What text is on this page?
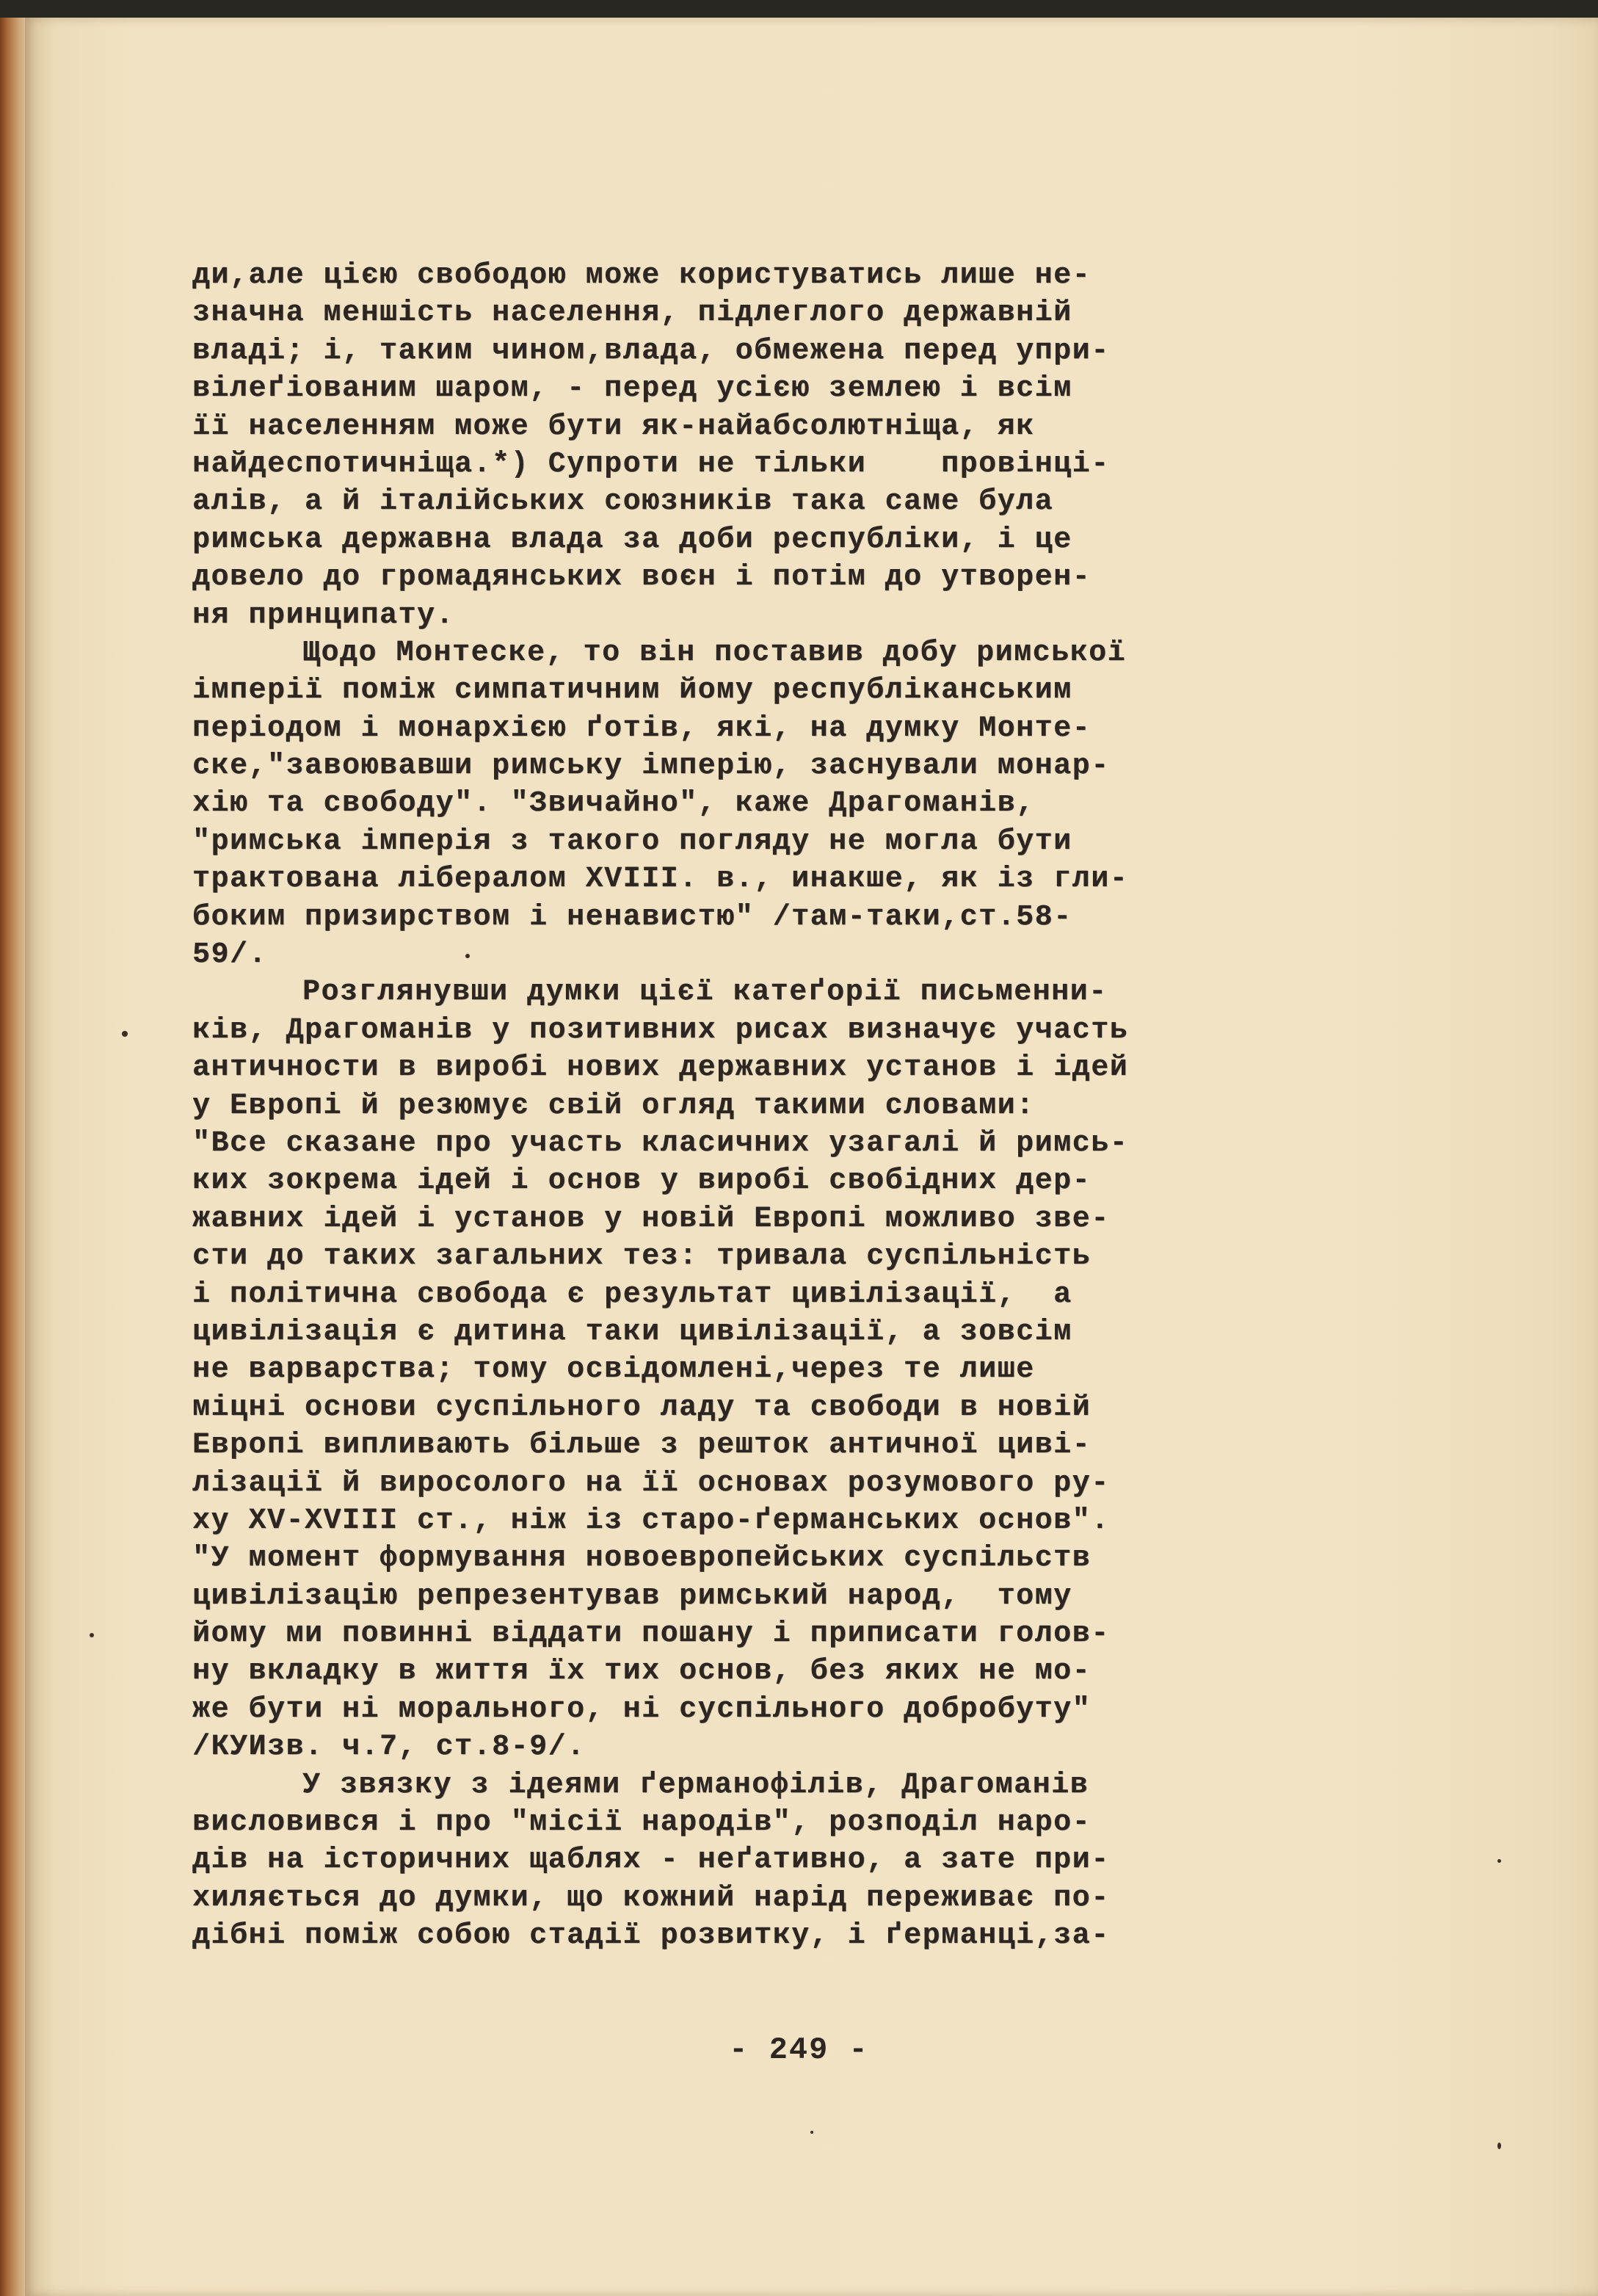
ди,але цією свободою може користуватись лише не-
значна меншість населення, підлеглого державній
владі; і, таким чином,влада, обмежена перед упри-
вілеґіованим шаром, - перед усією землею і всім
її населенням може бути як-найабсолютніща, як
найдеспотичніща.*) Супроти не тільки    провінці-
алів, а й італійських союзників така саме була
римська державна влада за доби республіки, і це
довело до громадянських воєн і потім до утворен-
ня принципату.
Щодо Монтеске, то він поставив добу римської
імперії поміж симпатичним йому республіканським
періодом і монархією ґотів, які, на думку Монте-
ске,"завоювавши римську імперію, заснували монар-
хію та свободу". "Звичайно", каже Драгоманів,
"римська імперія з такого погляду не могла бути
трактована лібералом XVIII. в., инакше, як із гли-
боким призирством і ненавистю" /там-таки,ст.58-
59/.
Розглянувши думки цієї катеґорії письменни-
ків, Драгоманів у позитивних рисах визначує участь
античности в виробі нових державних установ і ідей
у Европі й резюмує свій огляд такими словами:
"Все сказане про участь класичних узагалі й римсь-
ких зокрема ідей і основ у виробі свобідних дер-
жавних ідей і установ у новій Европі можливо зве-
сти до таких загальних тез: тривала суспільність
і політична свобода є результат цивілізації,  а
цивілізація є дитина таки цивілізації, а зовсім
не варварства; тому освідомлені,через те лише
міцні основи суспільного ладу та свободи в новій
Европі випливають більше з решток античної циві-
лізації й виросолого на її основах розумового ру-
ху XV-XVIII ст., ніж із старо-ґерманських основ".
"У момент формування новоевропейських суспільств
цивілізацію репрезентував римський народ,  тому
йому ми повинні віддати пошану і приписати голов-
ну вкладку в життя їх тих основ, без яких не мо-
же бути ні морального, ні суспільного добробуту"
/КУИзв. ч.7, ст.8-9/.
У звязку з ідеями ґерманофілів, Драгоманів
висловився і про "місії народів", розподіл наро-
дів на історичних щаблях - неґативно, а зате при-
хиляється до думки, що кожний нарід переживає по-
дібні поміж собою стадії розвитку, і ґерманці,за-
- 249 -
